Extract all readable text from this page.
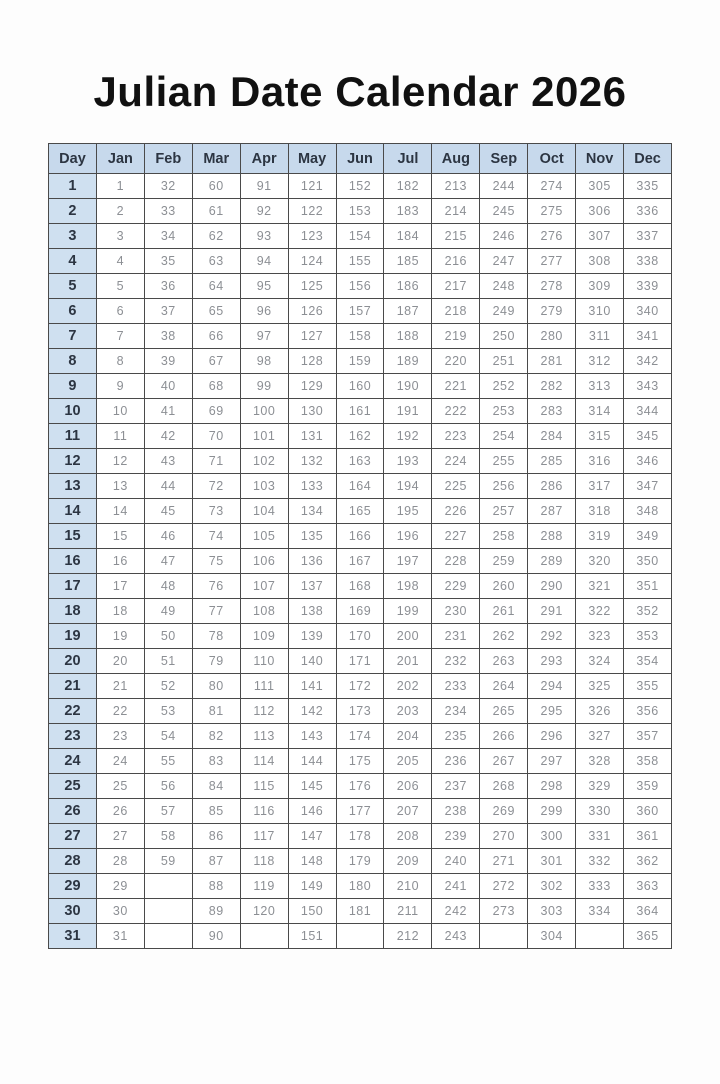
Julian Date Calendar 2026
Day	Jan	Feb	Mar	Apr	May	Jun	Jul	Aug	Sep	Oct	Nov	Dec
1	1	32	60	91	121	152	182	213	244	274	305	335
2	2	33	61	92	122	153	183	214	245	275	306	336
3	3	34	62	93	123	154	184	215	246	276	307	337
4	4	35	63	94	124	155	185	216	247	277	308	338
5	5	36	64	95	125	156	186	217	248	278	309	339
6	6	37	65	96	126	157	187	218	249	279	310	340
7	7	38	66	97	127	158	188	219	250	280	311	341
8	8	39	67	98	128	159	189	220	251	281	312	342
9	9	40	68	99	129	160	190	221	252	282	313	343
10	10	41	69	100	130	161	191	222	253	283	314	344
11	11	42	70	101	131	162	192	223	254	284	315	345
12	12	43	71	102	132	163	193	224	255	285	316	346
13	13	44	72	103	133	164	194	225	256	286	317	347
14	14	45	73	104	134	165	195	226	257	287	318	348
15	15	46	74	105	135	166	196	227	258	288	319	349
16	16	47	75	106	136	167	197	228	259	289	320	350
17	17	48	76	107	137	168	198	229	260	290	321	351
18	18	49	77	108	138	169	199	230	261	291	322	352
19	19	50	78	109	139	170	200	231	262	292	323	353
20	20	51	79	110	140	171	201	232	263	293	324	354
21	21	52	80	111	141	172	202	233	264	294	325	355
22	22	53	81	112	142	173	203	234	265	295	326	356
23	23	54	82	113	143	174	204	235	266	296	327	357
24	24	55	83	114	144	175	205	236	267	297	328	358
25	25	56	84	115	145	176	206	237	268	298	329	359
26	26	57	85	116	146	177	207	238	269	299	330	360
27	27	58	86	117	147	178	208	239	270	300	331	361
28	28	59	87	118	148	179	209	240	271	301	332	362
29	29		88	119	149	180	210	241	272	302	333	363
30	30		89	120	150	181	211	242	273	303	334	364
31	31		90		151		212	243		304		365
